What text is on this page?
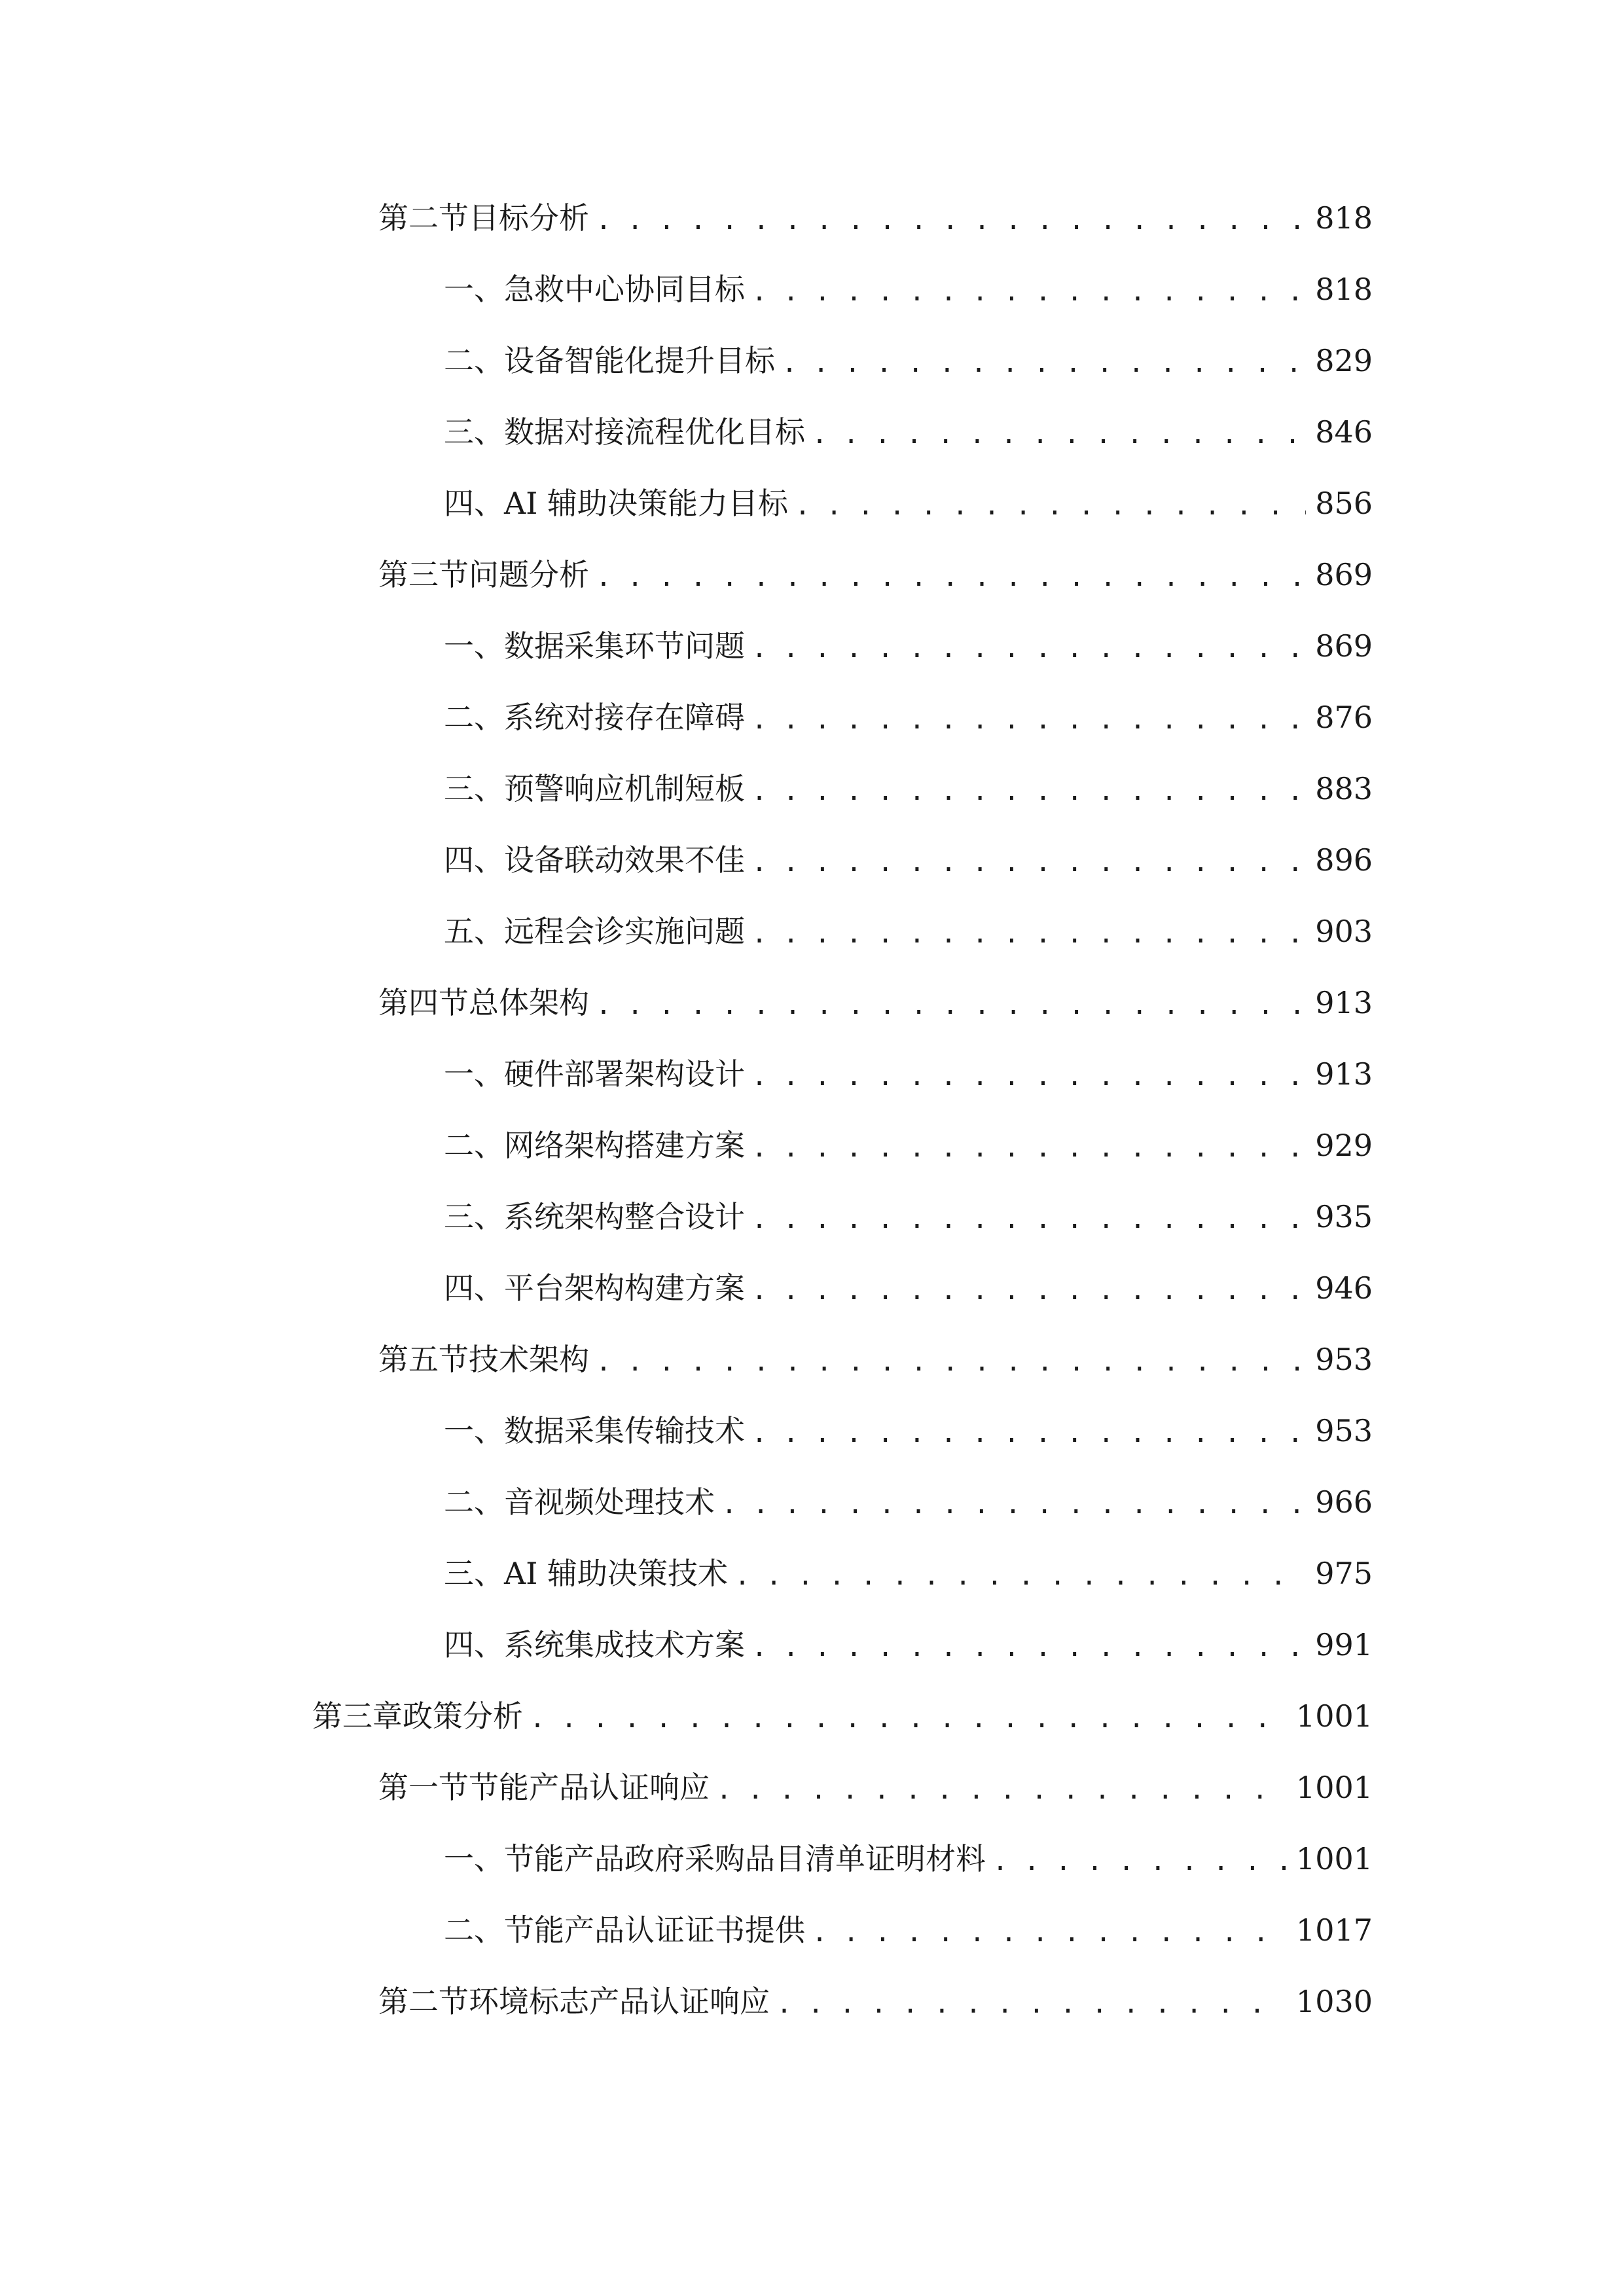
第二节 目标分析 . . .	818
一、 急救中心协同目标 . . .	818
二、 设备智能化提升目标 . . .	829
三、 数据对接流程优化目标 . . .	846
四、 AI 辅助决策能力目标 . . .	856
第三节 问题分析 . . .	869
一、 数据采集环节问题 . . .	869
二、 系统对接存在障碍 . . .	876
三、 预警响应机制短板 . . .	883
四、 设备联动效果不佳 . . .	896
五、 远程会诊实施问题 . . .	903
第四节 总体架构 . . .	913
一、 硬件部署架构设计 . . .	913
二、 网络架构搭建方案 . . .	929
三、 系统架构整合设计 . . .	935
四、 平台架构构建方案 . . .	946
第五节 技术架构 . . .	953
一、 数据采集传输技术 . . .	953
二、 音视频处理技术 . . .	966
三、 AI 辅助决策技术 . . .	975
四、 系统集成技术方案 . . .	991
第三章 政策分析 . . .	1001
第一节 节能产品认证响应 . . .	1001
一、 节能产品政府采购品目清单证明材料 . . .	1001
二、 节能产品认证证书提供 . . .	1017
第二节 环境标志产品认证响应 . . .	1030
